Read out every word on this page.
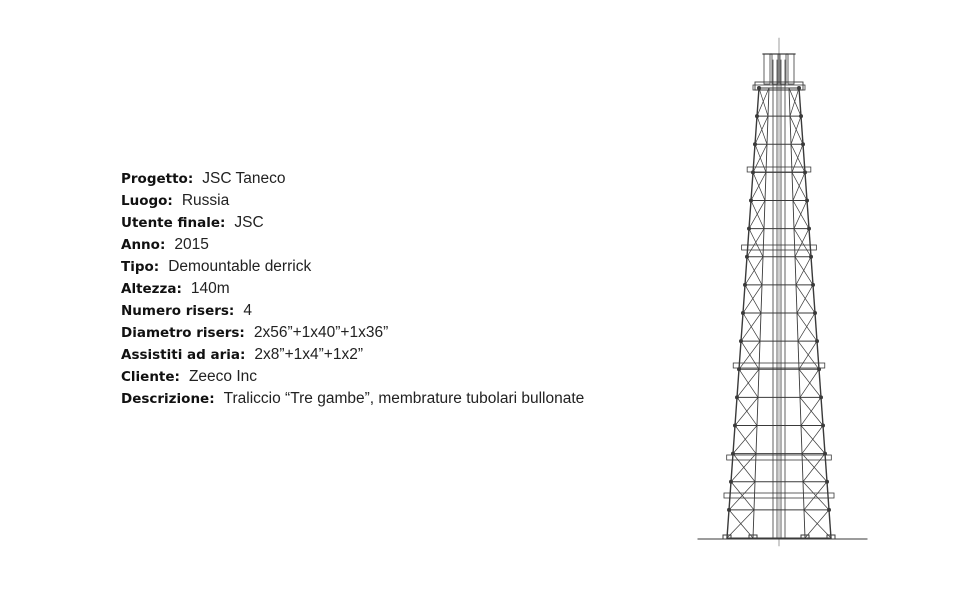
Progetto: JSC Taneco
Luogo: Russia
Utente finale: JSC
Anno: 2015
Tipo: Demountable derrick
Altezza: 140m
Numero risers: 4
Diametro risers: 2x56”+1x40”+1x36”
Assistiti ad aria: 2x8”+1x4”+1x2”
Cliente: Zeeco Inc
Descrizione: Traliccio “Tre gambe”, membrature tubolari bullonate
